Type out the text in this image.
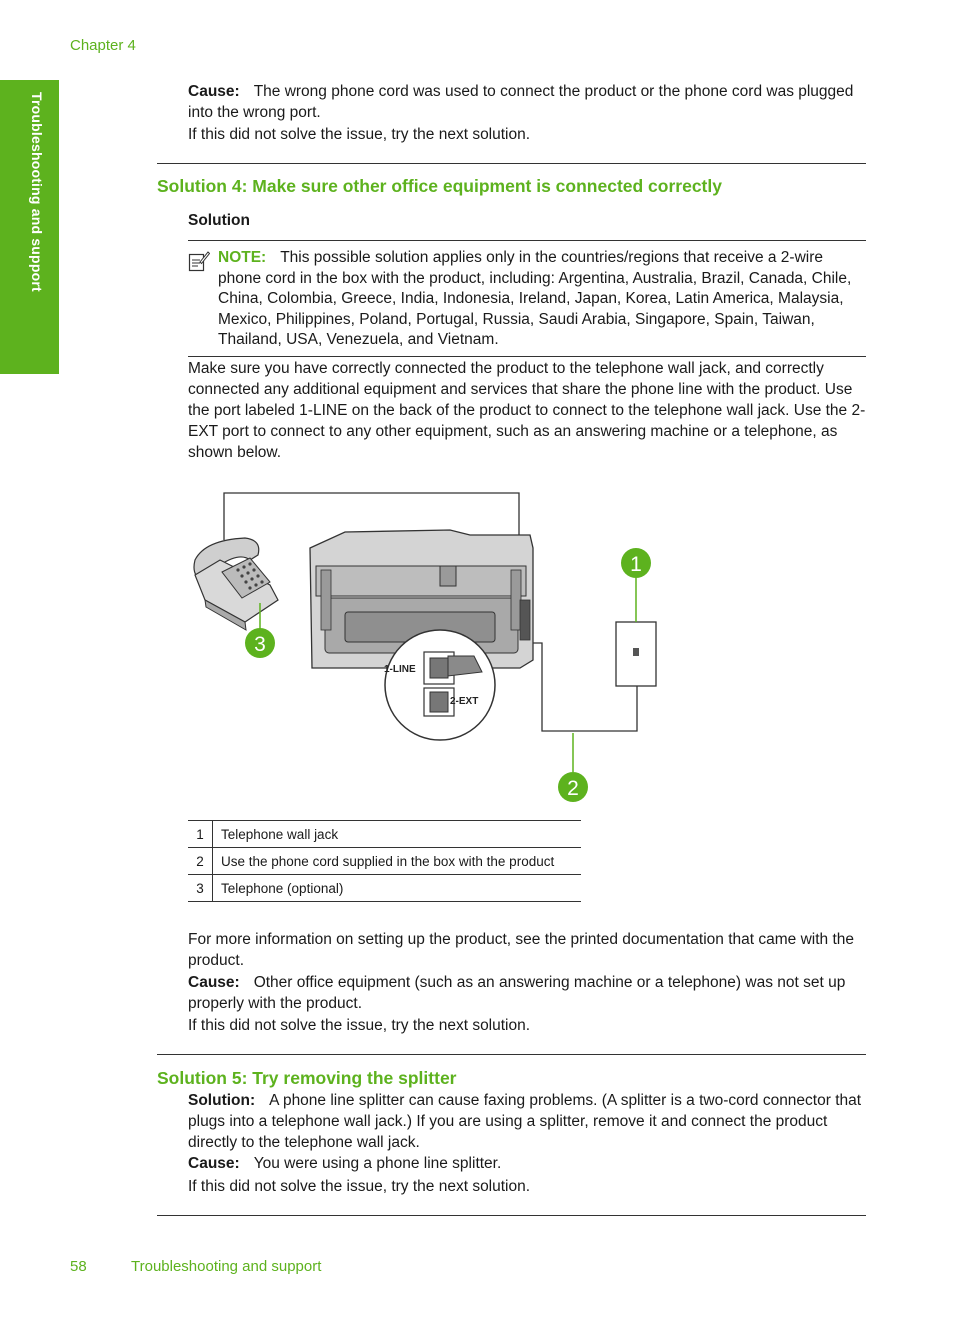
Chapter 4
Troubleshooting and support
Cause: The wrong phone cord was used to connect the product or the phone cord was plugged into the wrong port.
If this did not solve the issue, try the next solution.
Solution 4: Make sure other office equipment is connected correctly
Solution
NOTE: This possible solution applies only in the countries/regions that receive a 2-wire phone cord in the box with the product, including: Argentina, Australia, Brazil, Canada, Chile, China, Colombia, Greece, India, Indonesia, Ireland, Japan, Korea, Latin America, Malaysia, Mexico, Philippines, Poland, Portugal, Russia, Saudi Arabia, Singapore, Spain, Taiwan, Thailand, USA, Venezuela, and Vietnam.
Make sure you have correctly connected the product to the telephone wall jack, and correctly connected any additional equipment and services that share the phone line with the product. Use the port labeled 1-LINE on the back of the product to connect to the telephone wall jack. Use the 2-EXT port to connect to any other equipment, such as an answering machine or a telephone, as shown below.
1-LINE
2-EXT
1
2
3
1	Telephone wall jack
2	Use the phone cord supplied in the box with the product
3	Telephone (optional)
For more information on setting up the product, see the printed documentation that came with the product.
Cause: Other office equipment (such as an answering machine or a telephone) was not set up properly with the product.
If this did not solve the issue, try the next solution.
Solution 5: Try removing the splitter
Solution: A phone line splitter can cause faxing problems. (A splitter is a two-cord connector that plugs into a telephone wall jack.) If you are using a splitter, remove it and connect the product directly to the telephone wall jack.
Cause: You were using a phone line splitter.
If this did not solve the issue, try the next solution.
58	Troubleshooting and support
